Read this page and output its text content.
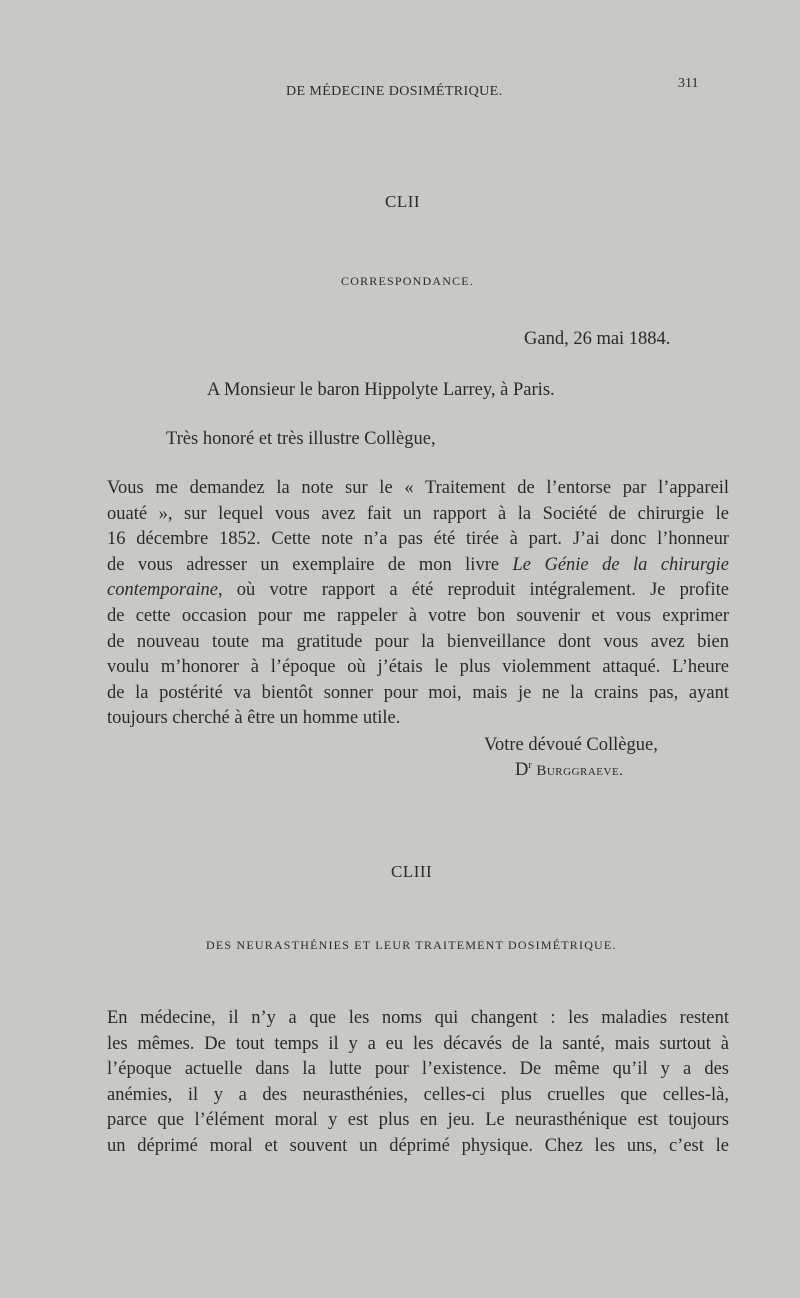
DE MÉDECINE DOSIMÉTRIQUE.
311
CLII
CORRESPONDANCE.
Gand, 26 mai 1884.
A Monsieur le baron Hippolyte Larrey, à Paris.
Très honoré et très illustre Collègue,
Vous me demandez la note sur le « Traitement de l’entorse par l’appareil
ouaté », sur lequel vous avez fait un rapport à la Société de chirurgie le
16 décembre 1852. Cette note n’a pas été tirée à part. J’ai donc l’honneur
de vous adresser un exemplaire de mon livre Le Génie de la chirurgie
contemporaine, où votre rapport a été reproduit intégralement. Je profite
de cette occasion pour me rappeler à votre bon souvenir et vous exprimer
de nouveau toute ma gratitude pour la bienveillance dont vous avez bien
voulu m’honorer à l’époque où j’étais le plus violemment attaqué. L’heure
de la postérité va bientôt sonner pour moi, mais je ne la crains pas, ayant
toujours cherché à être un homme utile.
Votre dévoué Collègue,
$D^r$ Burggraeve.
CLIII
DES NEURASTHÉNIES ET LEUR TRAITEMENT DOSIMÉTRIQUE.
En médecine, il n’y a que les noms qui changent : les maladies restent
les mêmes. De tout temps il y a eu les décavés de la santé, mais surtout à
l’époque actuelle dans la lutte pour l’existence. De même qu’il y a des
anémies, il y a des neurasthénies, celles-ci plus cruelles que celles-là,
parce que l’élément moral y est plus en jeu. Le neurasthénique est toujours
un déprimé moral et souvent un déprimé physique. Chez les uns, c’est le
